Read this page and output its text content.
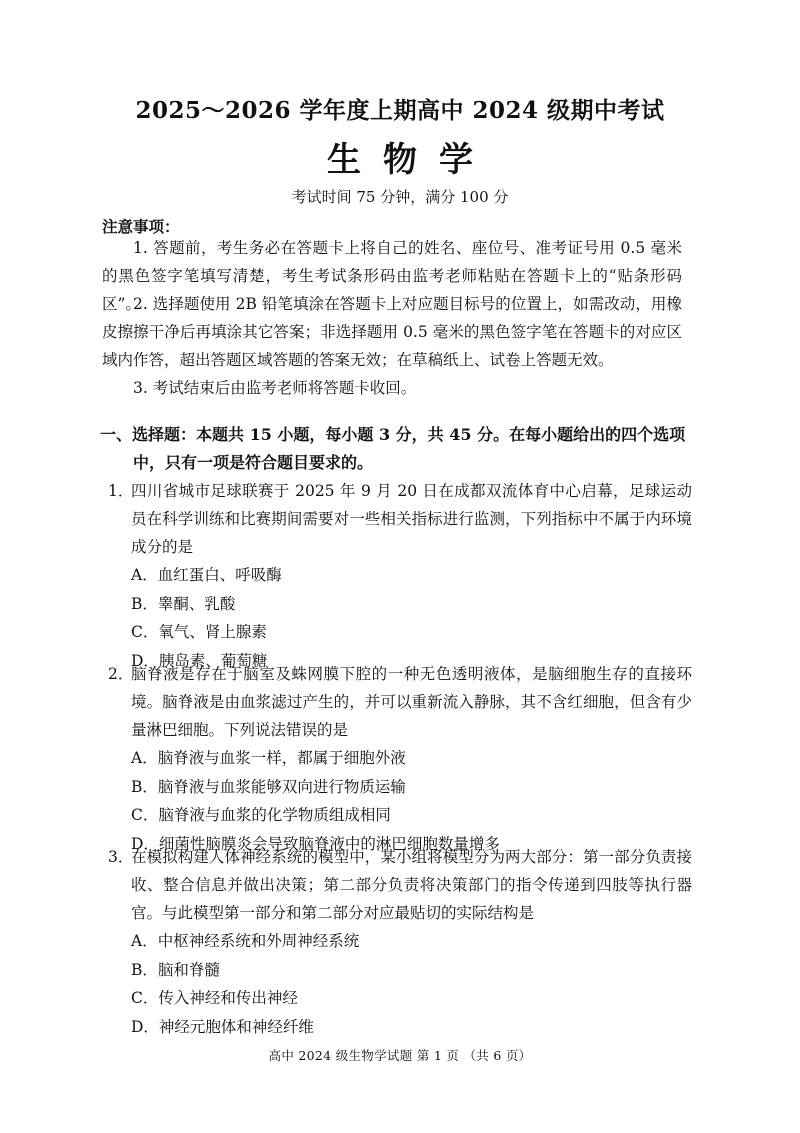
2025～2026 学年度上期高中 2024 级期中考试
生物学
考试时间 75 分钟，满分 100 分
注意事项：

1. 答题前，考生务必在答题卡上将自己的姓名、座位号、准考证号用 0.5 毫米的黑色签字笔填写清楚，考生考试条形码由监考老师粘贴在答题卡上的“贴条形码区”。

2. 选择题使用 2B 铅笔填涂在答题卡上对应题目标号的位置上，如需改动，用橡皮擦擦干净后再填涂其它答案；非选择题用 0.5 毫米的黑色签字笔在答题卡的对应区域内作答，超出答题区域答题的答案无效；在草稿纸上、试卷上答题无效。

3. 考试结束后由监考老师将答题卡收回。

一、选择题：本题共 15 小题，每小题 3 分，共 45 分。在每小题给出的四个选项中，只有一项是符合题目要求的。
1．
四川省城市足球联赛于 2025 年 9 月 20 日在成都双流体育中心启幕，足球运动员在科学训练和比赛期间需要对一些相关指标进行监测，下列指标中不属于内环境成分的是
A．血红蛋白、呼吸酶
B．睾酮、乳酸
C．氧气、肾上腺素
D．胰岛素、葡萄糖
2．
脑脊液是存在于脑室及蛛网膜下腔的一种无色透明液体，是脑细胞生存的直接环境。脑脊液是由血浆滤过产生的，并可以重新流入静脉，其不含红细胞，但含有少量淋巴细胞。下列说法错误的是
A．脑脊液与血浆一样，都属于细胞外液
B．脑脊液与血浆能够双向进行物质运输
C．脑脊液与血浆的化学物质组成相同
D．细菌性脑膜炎会导致脑脊液中的淋巴细胞数量增多
3．
在模拟构建人体神经系统的模型中，某小组将模型分为两大部分：第一部分负责接收、整合信息并做出决策；第二部分负责将决策部门的指令传递到四肢等执行器官。与此模型第一部分和第二部分对应最贴切的实际结构是
A．中枢神经系统和外周神经系统
B．脑和脊髓
C．传入神经和传出神经
D．神经元胞体和神经纤维
高中 2024 级生物学试题 第 1 页 （共 6 页）
